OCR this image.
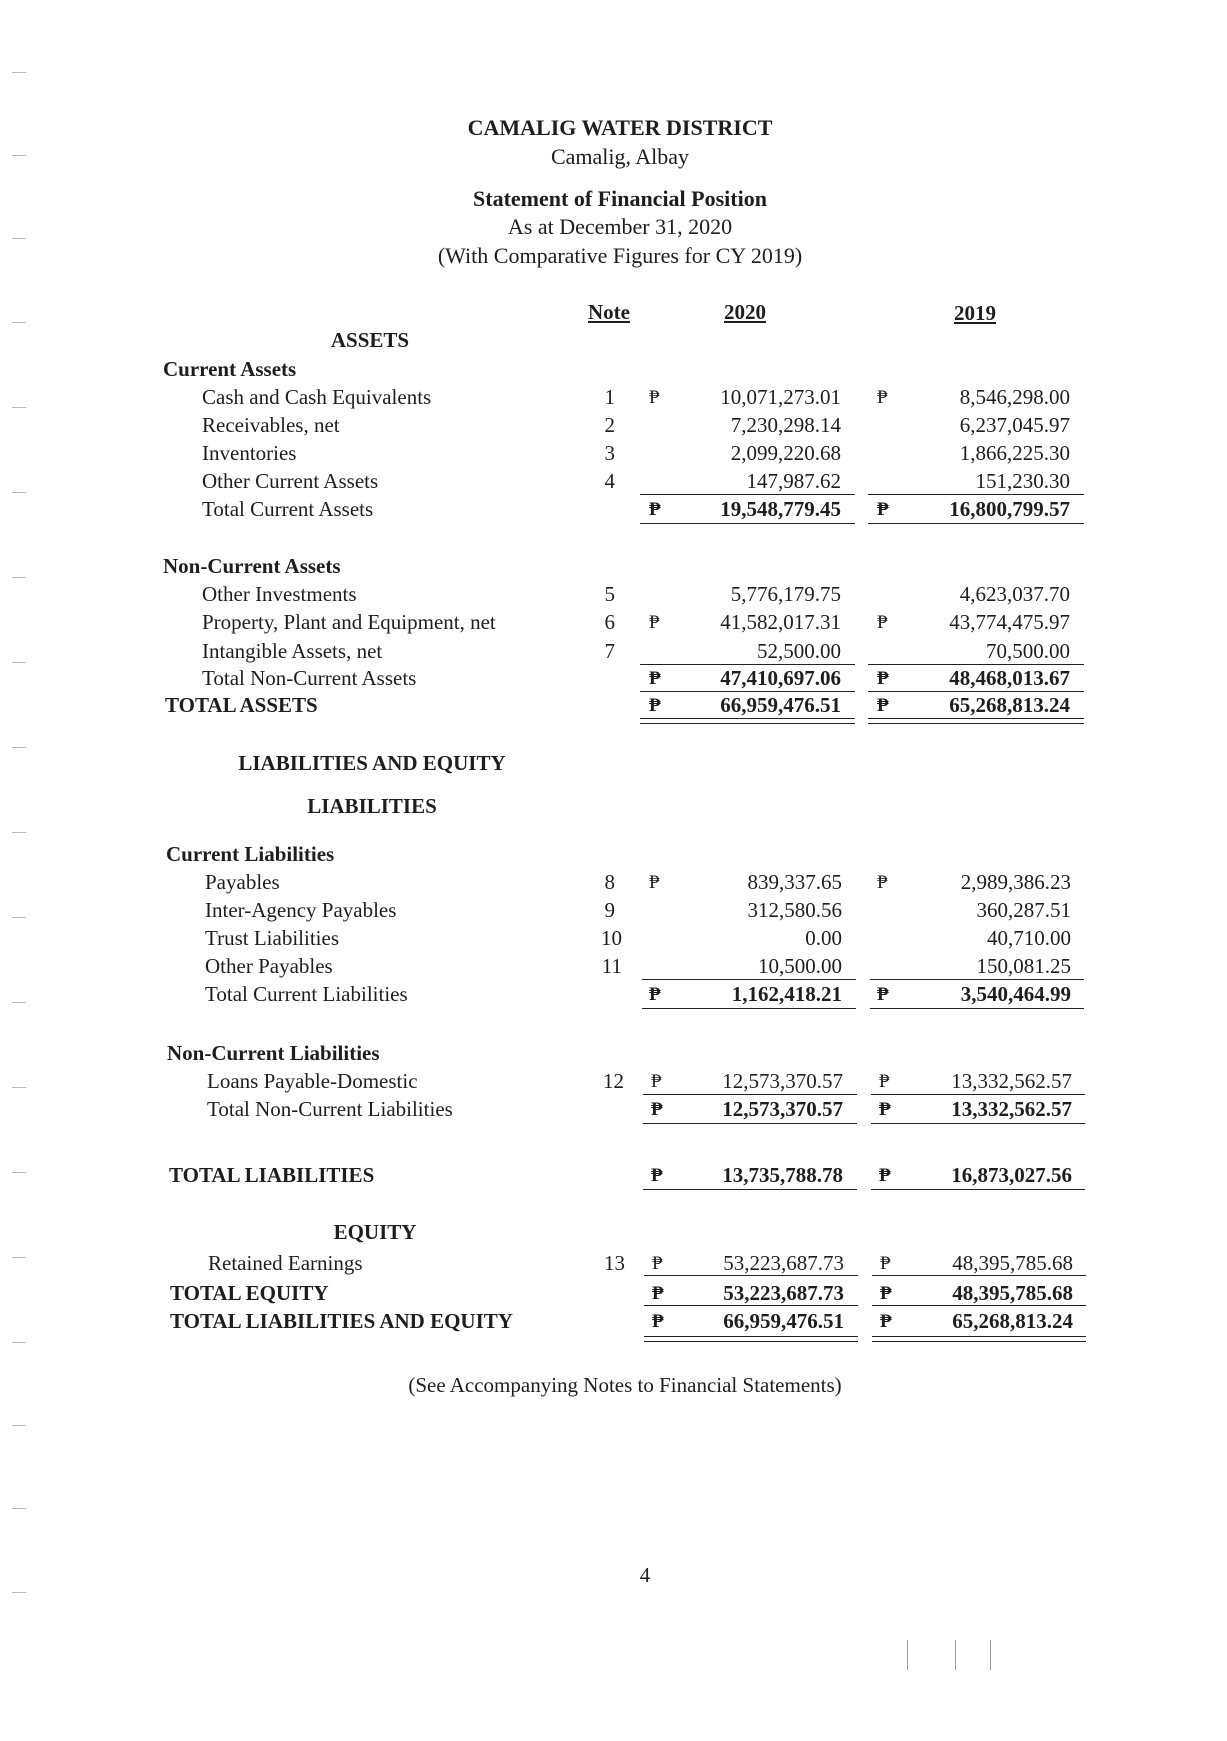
CAMALIG WATER DISTRICT
Camalig, Albay
Statement of Financial Position
As at December 31, 2020
(With Comparative Figures for CY 2019)
Note	2020	2019
ASSETS
Current Assets
Cash and Cash Equivalents	1 ₱	10,071,273.01 ₱	8,546,298.00
Receivables, net	2	7,230,298.14	6,237,045.97
Inventories	3	2,099,220.68	1,866,225.30
Other Current Assets	4	147,987.62	151,230.30
Total Current Assets	₱	19,548,779.45 ₱	16,800,799.57
Non-Current Assets
Other Investments	5	5,776,179.75	4,623,037.70
Property, Plant and Equipment, net	6 ₱	41,582,017.31 ₱	43,774,475.97
Intangible Assets, net	7	52,500.00	70,500.00
Total Non-Current Assets	₱	47,410,697.06 ₱	48,468,013.67
TOTAL ASSETS	₱	66,959,476.51 ₱	65,268,813.24
LIABILITIES AND EQUITY
LIABILITIES
Current Liabilities
Payables	8 ₱	839,337.65 ₱	2,989,386.23
Inter-Agency Payables	9	312,580.56	360,287.51
Trust Liabilities	10	0.00	40,710.00
Other Payables	11	10,500.00	150,081.25
Total Current Liabilities	₱	1,162,418.21 ₱	3,540,464.99
Non-Current Liabilities
Loans Payable-Domestic	12 ₱	12,573,370.57 ₱	13,332,562.57
Total Non-Current Liabilities	₱	12,573,370.57 ₱	13,332,562.57
TOTAL LIABILITIES	₱	13,735,788.78 ₱	16,873,027.56
EQUITY
Retained Earnings	13 ₱	53,223,687.73 ₱	48,395,785.68
TOTAL EQUITY	₱	53,223,687.73 ₱	48,395,785.68
TOTAL LIABILITIES AND EQUITY	₱	66,959,476.51 ₱	65,268,813.24
(See Accompanying Notes to Financial Statements)
4
